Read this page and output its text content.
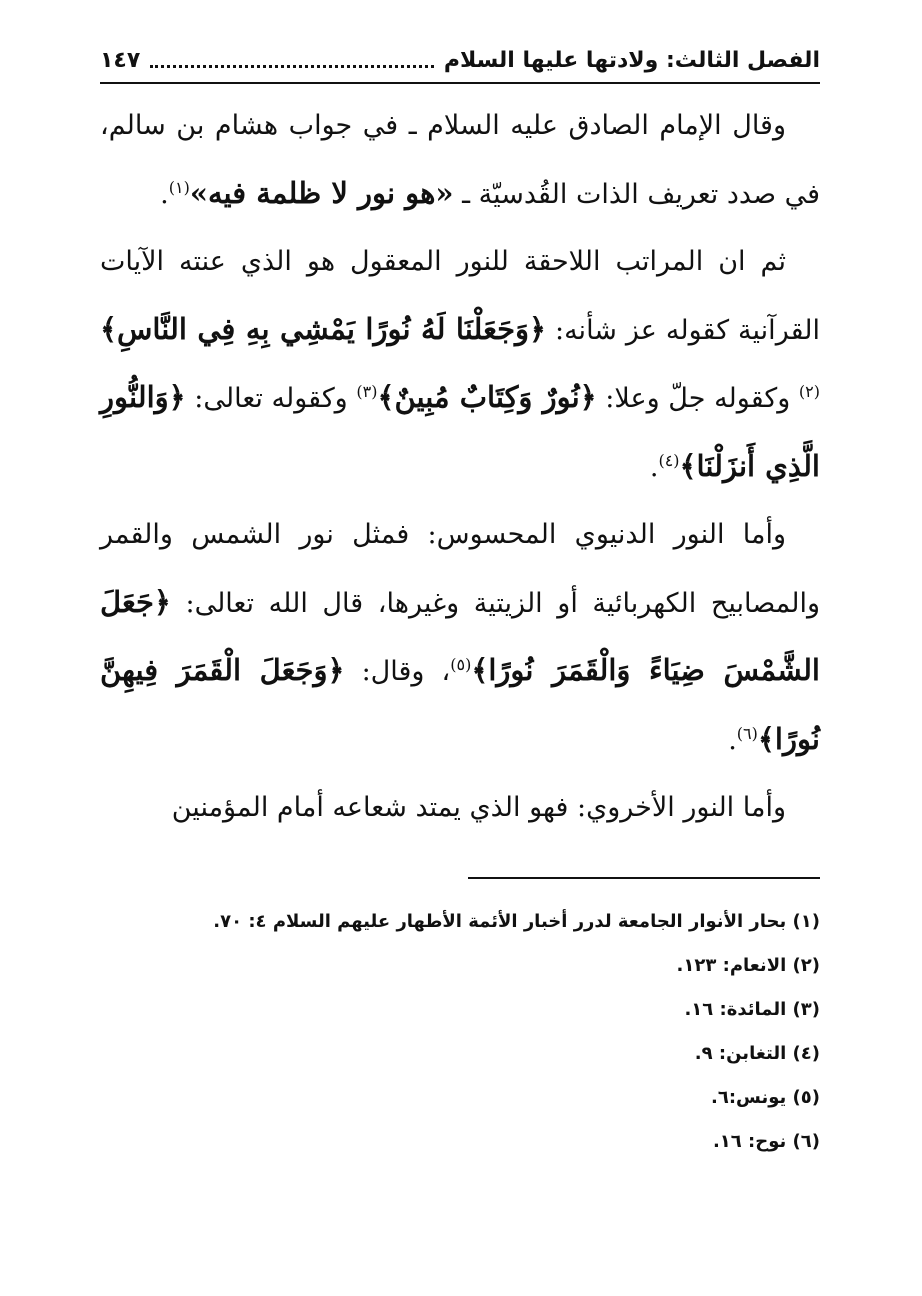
الفصل الثالث: ولادتها عليها السلام
١٤٧

وقال الإمام الصادق عليه السلام ـ في جواب هشام بن سالم، في صدد تعريف الذات القُدسيّة ـ «هو نور لا ظلمة فيه»$^{(١)}$.

ثم ان المراتب اللاحقة للنور المعقول هو الذي عنته الآيات القرآنية كقوله عز شأنه: ﴿وَجَعَلْنَا لَهُ نُورًا يَمْشِي بِهِ فِي النَّاسِ﴾$^{(٢)}$ وكقوله جلّ وعلا: ﴿نُورٌ وَكِتَابٌ مُبِينٌ﴾$^{(٣)}$ وكقوله تعالى: ﴿وَالنُّورِ الَّذِي أَنزَلْنَا﴾$^{(٤)}$.

وأما النور الدنيوي المحسوس: فمثل نور الشمس والقمر والمصابيح الكهربائية أو الزيتية وغيرها، قال الله تعالى: ﴿جَعَلَ الشَّمْسَ ضِيَاءً وَالْقَمَرَ نُورًا﴾$^{(٥)}$، وقال: ﴿وَجَعَلَ الْقَمَرَ فِيهِنَّ نُورًا﴾$^{(٦)}$.

وأما النور الأخروي: فهو الذي يمتد شعاعه أمام المؤمنين

(١) بحار الأنوار الجامعة لدرر أخبار الأئمة الأطهار عليهم السلام ٤: ٧٠.
(٢) الانعام: ١٢٣.
(٣) المائدة: ١٦.
(٤) التغابن: ٩.
(٥) يونس:٦.
(٦) نوح: ١٦.
